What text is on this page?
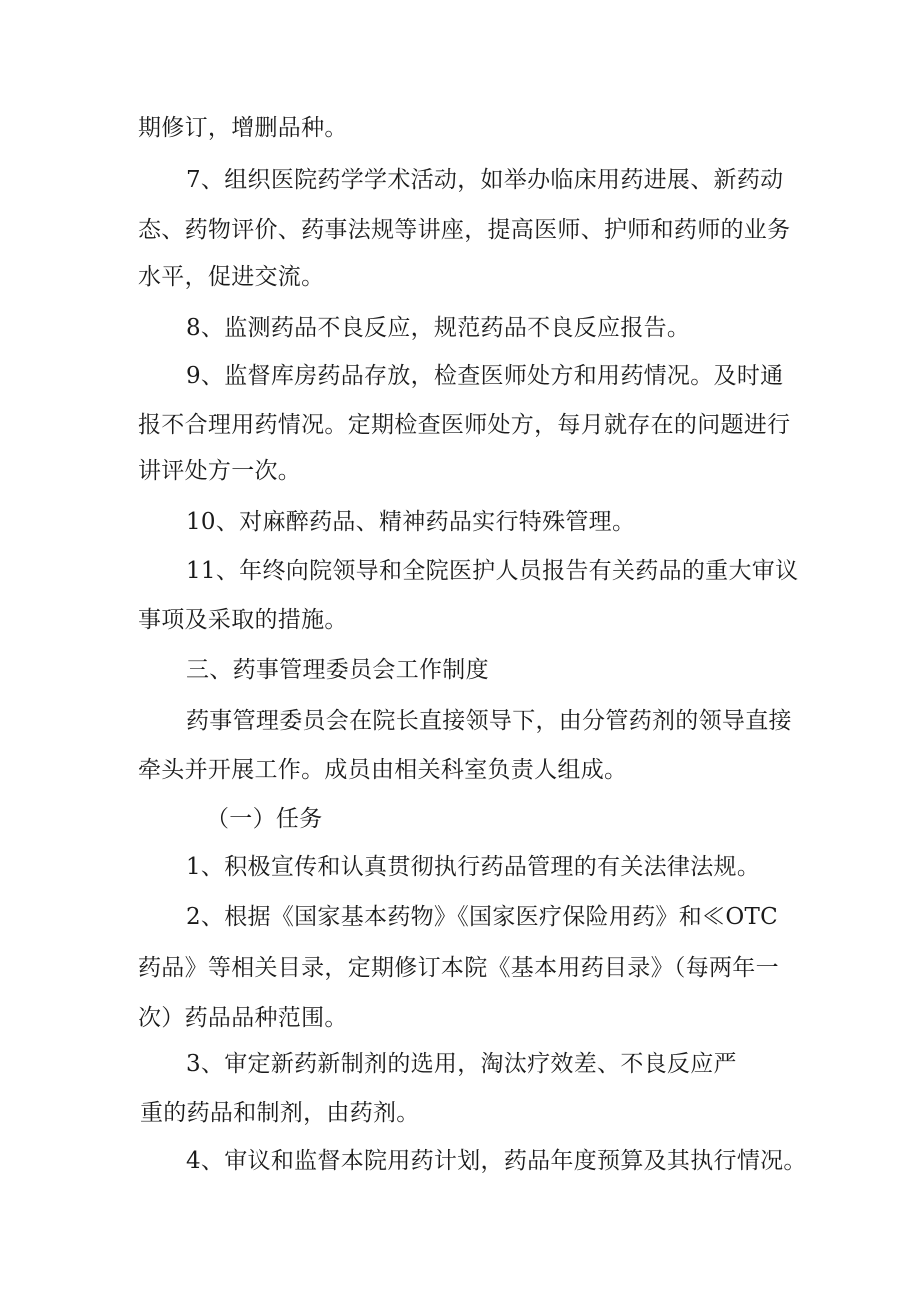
期修订，增删品种。
7、组织医院药学学术活动，如举办临床用药进展、新药动
态、药物评价、药事法规等讲座，提高医师、护师和药师的业务
水平，促进交流。
8、监测药品不良反应，规范药品不良反应报告。
9、监督库房药品存放，检查医师处方和用药情况。及时通
报不合理用药情况。定期检查医师处方，每月就存在的问题进行
讲评处方一次。
10、对麻醉药品、精神药品实行特殊管理。
11、年终向院领导和全院医护人员报告有关药品的重大审议
事项及采取的措施。
三、药事管理委员会工作制度
药事管理委员会在院长直接领导下，由分管药剂的领导直接
牵头并开展工作。成员由相关科室负责人组成。
（一）任务
1、积极宣传和认真贯彻执行药品管理的有关法律法规。
2、根据《国家基本药物》《国家医疗保险用药》和≪OTC
药品》等相关目录，定期修订本院《基本用药目录》（每两年一
次）药品品种范围。
3、审定新药新制剂的选用，淘汰疗效差、不良反应严
重的药品和制剂，由药剂。
4、审议和监督本院用药计划，药品年度预算及其执行情况。
